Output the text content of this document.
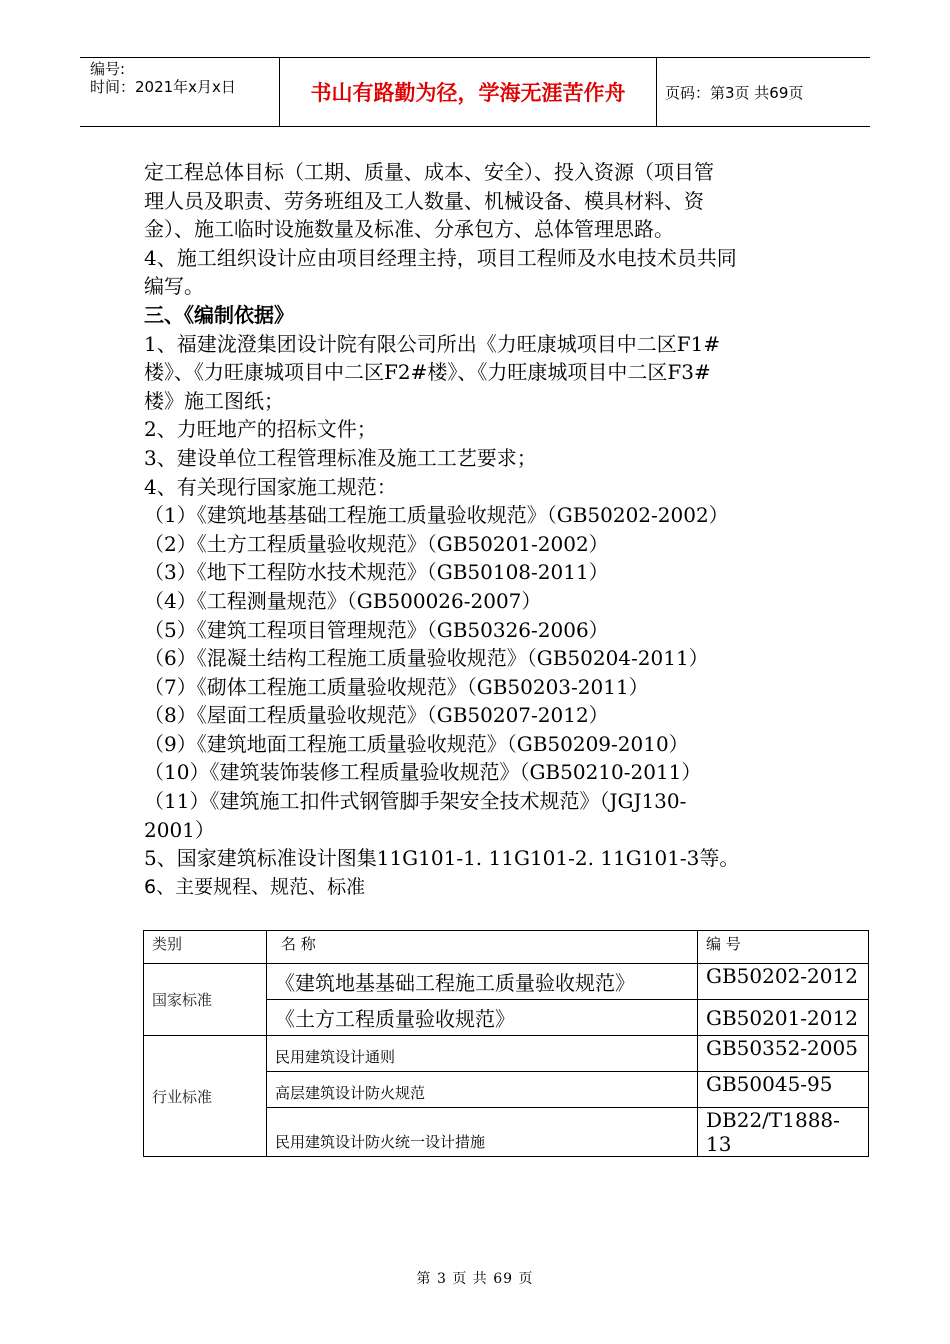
编号:
时间：2021年x月x日	书山有路勤为径，学海无涯苦作舟	页码：第3页 共69页

定工程总体目标（工期、质量、成本、安全）、投入资源（项目管

理人员及职责、劳务班组及工人数量、机械设备、模具材料、资

金）、施工临时设施数量及标准、分承包方、总体管理思路。

4、施工组织设计应由项目经理主持，项目工程师及水电技术员共同

编写。

三、《编制依据》

1、福建泷澄集团设计院有限公司所出《力旺康城项目中二区F1#

楼》、《力旺康城项目中二区F2#楼》、《力旺康城项目中二区F3#

楼》施工图纸；

2、力旺地产的招标文件；

3、建设单位工程管理标准及施工工艺要求；

4、有关现行国家施工规范：

（1）《建筑地基基础工程施工质量验收规范》（GB50202-2002）

（2）《土方工程质量验收规范》（GB50201-2002）

（3）《地下工程防水技术规范》（GB50108-2011）

（4）《工程测量规范》（GB500026-2007）

（5）《建筑工程项目管理规范》（GB50326-2006）

（6）《混凝土结构工程施工质量验收规范》（GB50204-2011）

（7）《砌体工程施工质量验收规范》（GB50203-2011）

（8）《屋面工程质量验收规范》（GB50207-2012）

（9）《建筑地面工程施工质量验收规范》（GB50209-2010）

（10）《建筑装饰装修工程质量验收规范》（GB50210-2011）

（11）《建筑施工扣件式钢管脚手架安全技术规范》（JGJ130-

2001）

5、国家建筑标准设计图集11G101-1. 11G101-2. 11G101-3等。

6、主要规程、规范、标准

类别	名 称	编 号
国家标准	《建筑地基基础工程施工质量验收规范》	GB50202-2012
	《土方工程质量验收规范》	GB50201-2012
行业标准	民用建筑设计通则	GB50352-2005
	高层建筑设计防火规范	GB50045-95
	民用建筑设计防火统一设计措施	DB22/T1888-13
第 3 页 共 69 页
